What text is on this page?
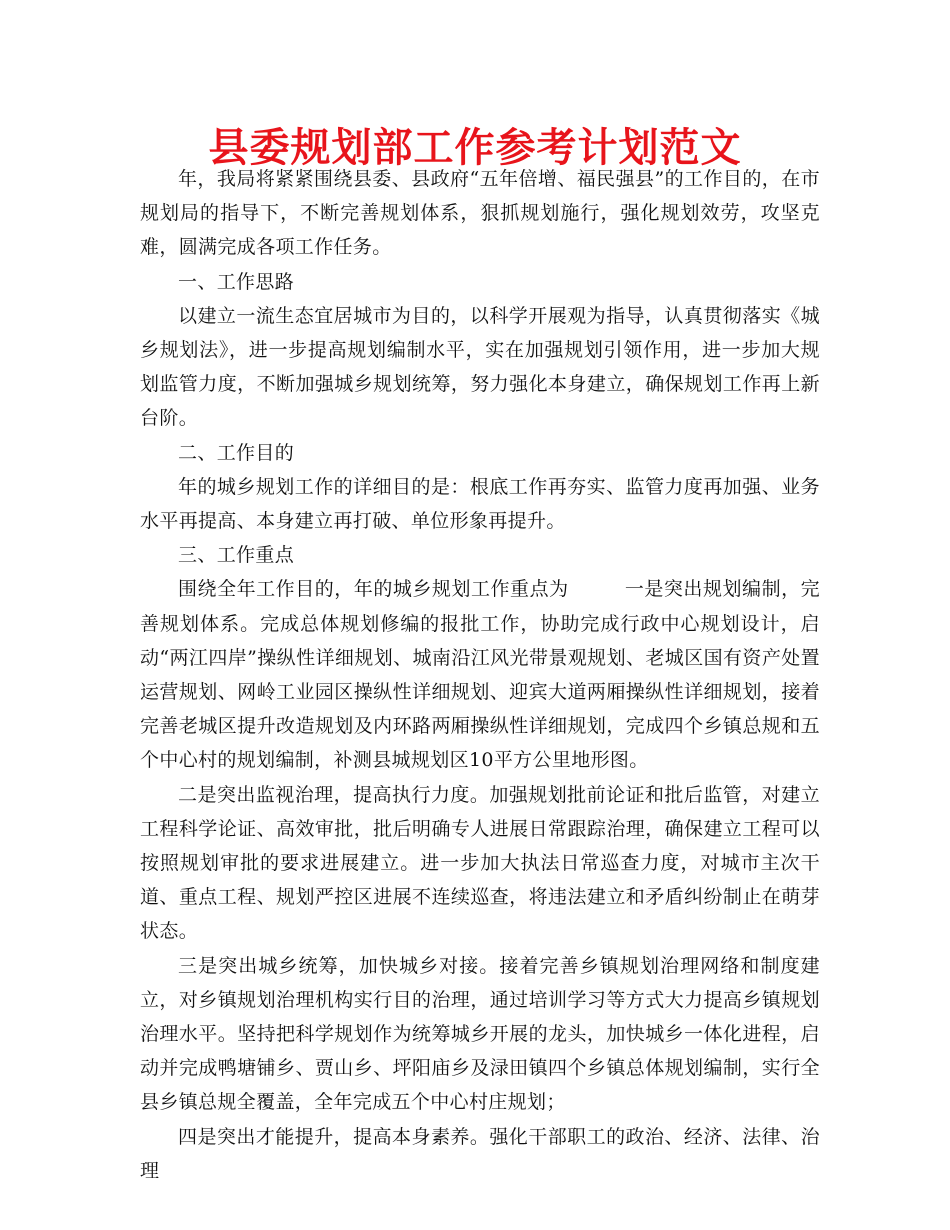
县委规划部工作参考计划范文

年，我局将紧紧围绕县委、县政府“五年倍增、福民强县”的工作目的，在市规划局的指导下，不断完善规划体系，狠抓规划施行，强化规划效劳，攻坚克难，圆满完成各项工作任务。

一、工作思路

以建立一流生态宜居城市为目的，以科学开展观为指导，认真贯彻落实《城乡规划法》，进一步提高规划编制水平，实在加强规划引领作用，进一步加大规划监管力度，不断加强城乡规划统筹，努力强化本身建立，确保规划工作再上新台阶。

二、工作目的

年的城乡规划工作的详细目的是：根底工作再夯实、监管力度再加强、业务水平再提高、本身建立再打破、单位形象再提升。

三、工作重点

围绕全年工作目的，年的城乡规划工作重点为	一是突出规划编制，完善规划体系。完成总体规划修编的报批工作，协助完成行政中心规划设计，启动“两江四岸”操纵性详细规划、城南沿江风光带景观规划、老城区国有资产处置运营规划、网岭工业园区操纵性详细规划、迎宾大道两厢操纵性详细规划，接着完善老城区提升改造规划及内环路两厢操纵性详细规划，完成四个乡镇总规和五个中心村的规划编制，补测县城规划区10平方公里地形图。

二是突出监视治理，提高执行力度。加强规划批前论证和批后监管，对建立工程科学论证、高效审批，批后明确专人进展日常跟踪治理，确保建立工程可以按照规划审批的要求进展建立。进一步加大执法日常巡查力度，对城市主次干道、重点工程、规划严控区进展不连续巡查，将违法建立和矛盾纠纷制止在萌芽状态。

三是突出城乡统筹，加快城乡对接。接着完善乡镇规划治理网络和制度建立，对乡镇规划治理机构实行目的治理，通过培训学习等方式大力提高乡镇规划治理水平。坚持把科学规划作为统筹城乡开展的龙头，加快城乡一体化进程，启动并完成鸭塘铺乡、贾山乡、坪阳庙乡及渌田镇四个乡镇总体规划编制，实行全县乡镇总规全覆盖，全年完成五个中心村庄规划；

四是突出才能提升，提高本身素养。强化干部职工的政治、经济、法律、治理
